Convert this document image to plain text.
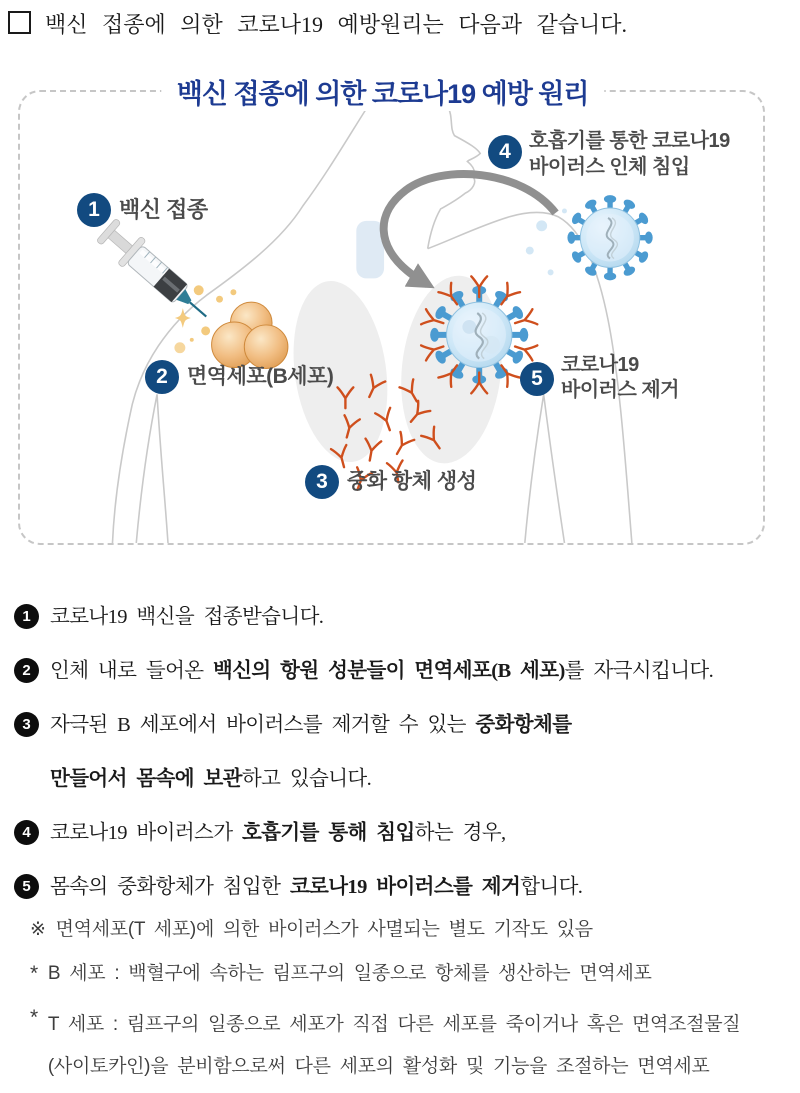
백신 접종에 의한 코로나19 예방원리는 다음과 같습니다.
백신 접종에 의한 코로나19 예방 원리
1 백신 접종
2 면역세포(B세포)
3 중화 항체 생성
4 호흡기를 통한 코로나19
바이러스 인체 침입
5
코로나19
바이러스 제거
1 코로나19 백신을 접종받습니다.
2 인체 내로 들어온 백신의 항원 성분들이 면역세포(B 세포)를 자극시킵니다.
3 자극된 B 세포에서 바이러스를 제거할 수 있는 중화항체를
만들어서 몸속에 보관하고 있습니다.
4 코로나19 바이러스가 호흡기를 통해 침입하는 경우,
5 몸속의 중화항체가 침입한 코로나19 바이러스를 제거합니다.
※ 면역세포(T 세포)에 의한 바이러스가 사멸되는 별도 기작도 있음
* B 세포 : 백혈구에 속하는 림프구의 일종으로 항체를 생산하는 면역세포
* T 세포 : 림프구의 일종으로 세포가 직접 다른 세포를 죽이거나 혹은 면역조절물질
(사이토카인)을 분비함으로써 다른 세포의 활성화 및 기능을 조절하는 면역세포
